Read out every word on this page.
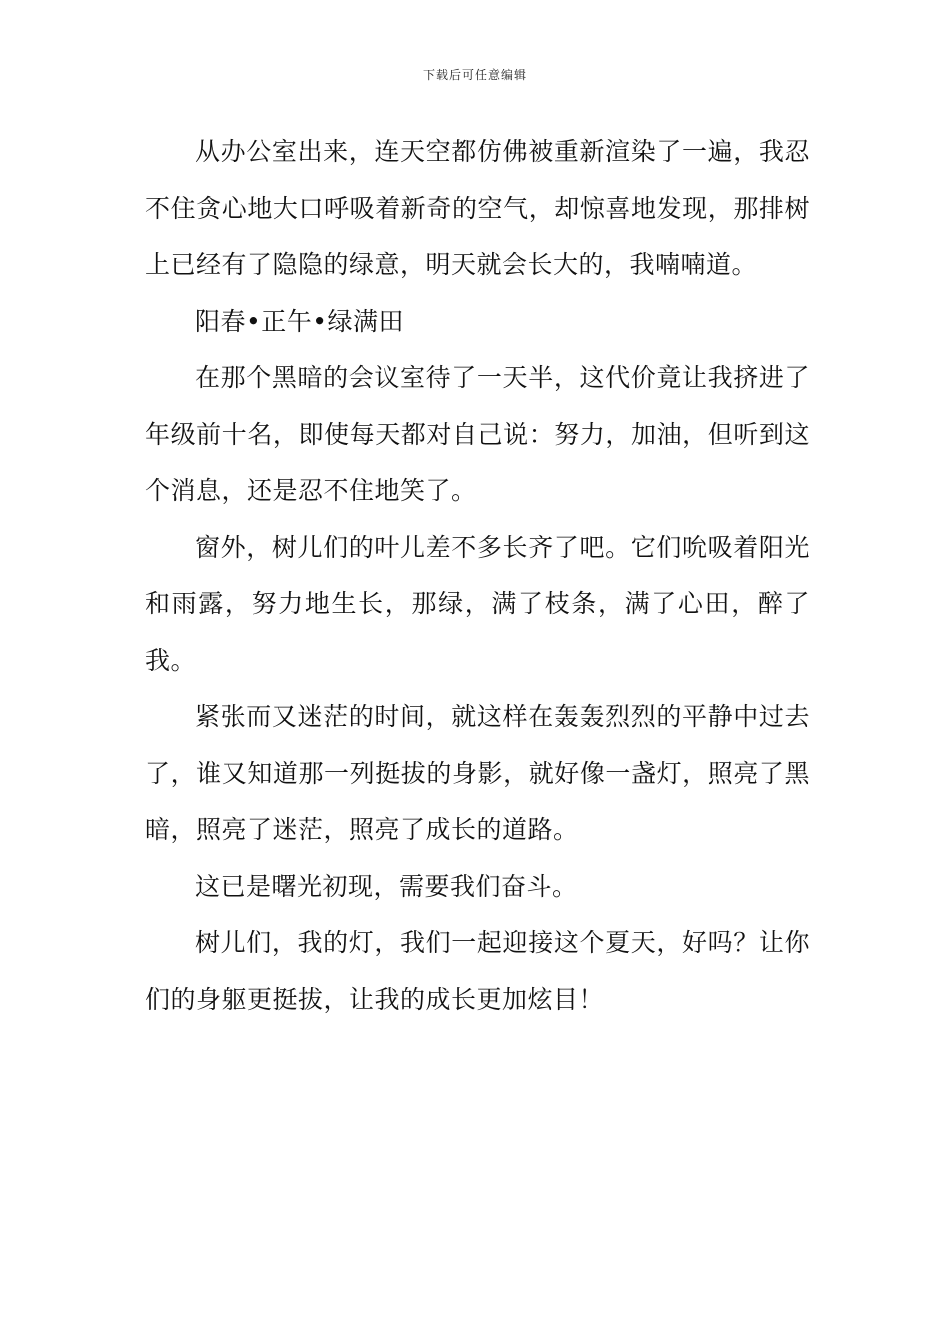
下载后可任意编辑

从办公室出来，连天空都仿佛被重新渲染了一遍，我忍不住贪心地大口呼吸着新奇的空气，却惊喜地发现，那排树上已经有了隐隐的绿意，明天就会长大的，我喃喃道。

阳春•正午•绿满田

在那个黑暗的会议室待了一天半，这代价竟让我挤进了年级前十名，即使每天都对自己说：努力，加油，但听到这个消息，还是忍不住地笑了。

窗外，树儿们的叶儿差不多长齐了吧。它们吮吸着阳光和雨露，努力地生长，那绿，满了枝条，满了心田，醉了我。

紧张而又迷茫的时间，就这样在轰轰烈烈的平静中过去了，谁又知道那一列挺拔的身影，就好像一盏灯，照亮了黑暗，照亮了迷茫，照亮了成长的道路。

这已是曙光初现，需要我们奋斗。

树儿们，我的灯，我们一起迎接这个夏天，好吗？让你们的身躯更挺拔，让我的成长更加炫目！
